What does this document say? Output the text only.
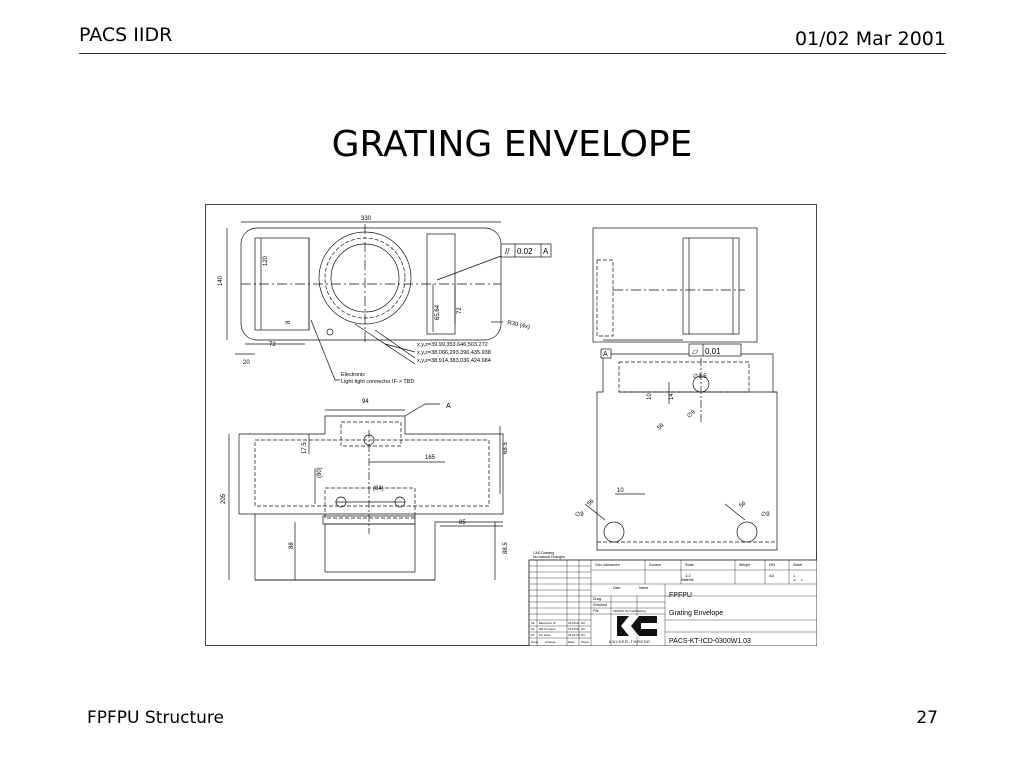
PACS IIDR	01/02 Mar 2001
GRATING ENVELOPE
// 0.02 A
330
140
120
72
20
8
65.64	72
R30 (4x)
x,y,z=39.99,353.646,503.272
x,y,z=38.066,293.396,435.938
x,y,z=38.914,383.036,424.684
Electronic
Light tight connector IF-> TBD
94
A
17.5
(80)
165
68.5
(84)
205
85
88	88.5
A	▱ 0,01
∅1.5
10	14
∅9
56
10
56
∅9
56
∅9
CAD Drawing
No manual Changes
Gen. tolerances	Surface	Scale	Weight	DIN	Sheet
1:2	A3	1
of 1
Material
Date	Name
Drwg
Checked
File	0300W1.02.Cat/Drawing
03 Electronic IF	24.05.01 HC
02 DR-R Inputs	15.03.01 HC
01 1st issue	18.01.00 HC
Issue Change	Date Name	KAYSER-THREDE
FPFPU
Grating Envelope
PACS-KT-ICD-0300W1.03
FPFPU Structure	27
